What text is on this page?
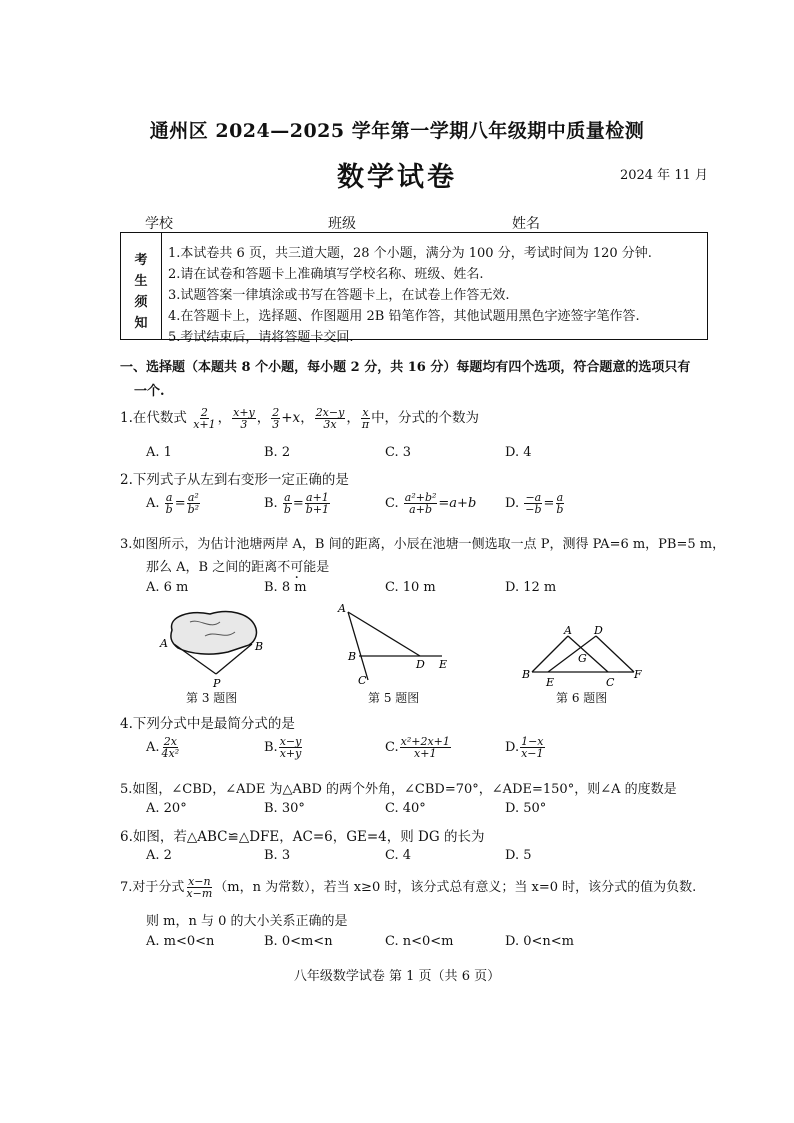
通州区 2024—2025 学年第一学期八年级期中质量检测
数学试卷	2024 年 11 月
学校	班级	姓名
考
生
须
知
1.本试卷共 6 页，共三道大题，28 个小题，满分为 100 分，考试时间为 120 分钟.
2.请在试卷和答题卡上准确填写学校名称、班级、姓名.
3.试题答案一律填涂或书写在答题卡上，在试卷上作答无效.
4.在答题卡上，选择题、作图题用 2B 铅笔作答，其他试题用黑色字迹签字笔作答.
5.考试结束后，请将答题卡交回.
一、选择题（本题共 8 个小题，每小题 2 分，共 16 分）每题均有四个选项，符合题意的选项只有
一个.
1.在代数式 $\frac{2}{x+1}$ ， $\frac{x+y}{3}$ ， $\frac{2}{3} +x$， $\frac{2x-y}{3x}$ ， $\frac{x}{\pi}$ 中，分式的个数为
A. 1	B. 2	C. 3	D. 4
2.下列式子从左到右变形一定正确的是
A. $\frac{a}{b} = \frac{\text{a²}}{\text{b²}}$	B. $\frac{a}{b} = \frac{a+1}{b+1}$	C. $\frac{\text{a²+b²}}{a+b} =a+b$ D. $\frac{-a}{-b} = \frac{a}{b}$
3.如图所示，为估计池塘两岸 A，B 间的距离，小辰在池塘一侧选取一点 P，测得 PA=6 m，PB=5 m，
那么 A，B 之间的距离不可能是
A. 6 m	B. 8 m	C. 10 m	D. 12 m
A	B
P
A
B
C
D E
A D
G
B
E	C
F
第 3 题图	第 5 题图	第 6 题图
4.下列分式中是最简分式的是
A. $\frac{2x}{\text{4x²}}$	B. $\frac{x-y}{x+y}$	C. $\frac{\text{x²+2x+1}}{x+1}$	D. $\frac{1-x}{x-1}$
5.如图，∠CBD，∠ADE 为△ABD 的两个外角，∠CBD=70°，∠ADE=150°，则∠A 的度数是
A. 20°	B. 30°	C. 40°	D. 50°
6.如图，若△ABC≌△DFE，AC=6，GE=4，则 DG 的长为
A. 2	B. 3	C. 4	D. 5
7.对于分式 $\frac{x-n}{x-m} (m$，n 为常数），若当 x≥0 时，该分式总有意义；当 x=0 时，该分式的值为负数.
则 m，n 与 0 的大小关系正确的是
A. m<0<n	B. 0<m<n	C. n<0<m	D. 0<n<m
八年级数学试卷 第 1 页（共 6 页）
